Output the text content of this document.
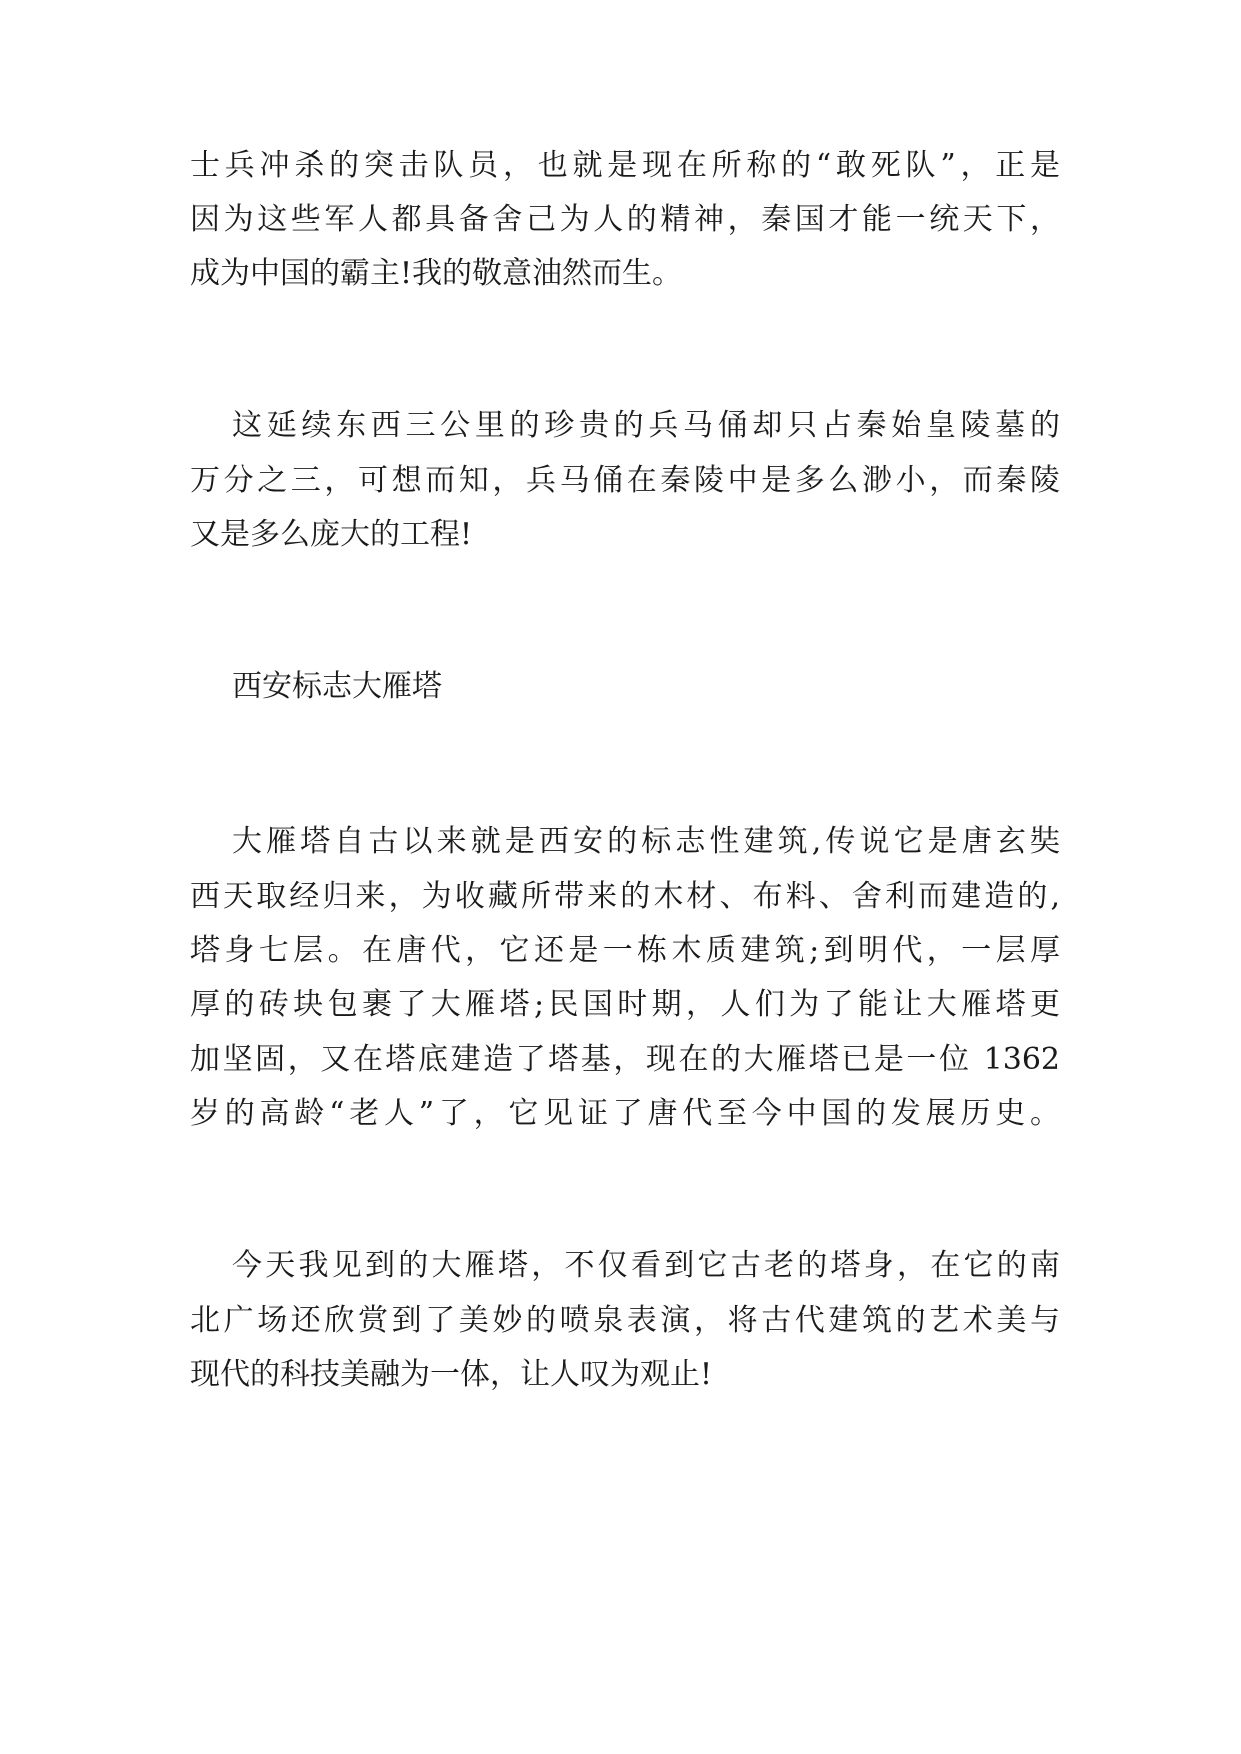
士兵冲杀的突击队员，也就是现在所称的“敢死队”，正是

因为这些军人都具备舍己为人的精神，秦国才能一统天下，

成为中国的霸主!我的敬意油然而生。

这延续东西三公里的珍贵的兵马俑却只占秦始皇陵墓的

万分之三，可想而知，兵马俑在秦陵中是多么渺小，而秦陵

又是多么庞大的工程!

西安标志大雁塔

大雁塔自古以来就是西安的标志性建筑,传说它是唐玄奘

西天取经归来，为收藏所带来的木材、布料、舍利而建造的,

塔身七层。在唐代，它还是一栋木质建筑;到明代，一层厚

厚的砖块包裹了大雁塔;民国时期，人们为了能让大雁塔更

加坚固，又在塔底建造了塔基，现在的大雁塔已是一位 1362

岁的高龄“老人”了，它见证了唐代至今中国的发展历史。

今天我见到的大雁塔，不仅看到它古老的塔身，在它的南

北广场还欣赏到了美妙的喷泉表演，将古代建筑的艺术美与

现代的科技美融为一体，让人叹为观止!
